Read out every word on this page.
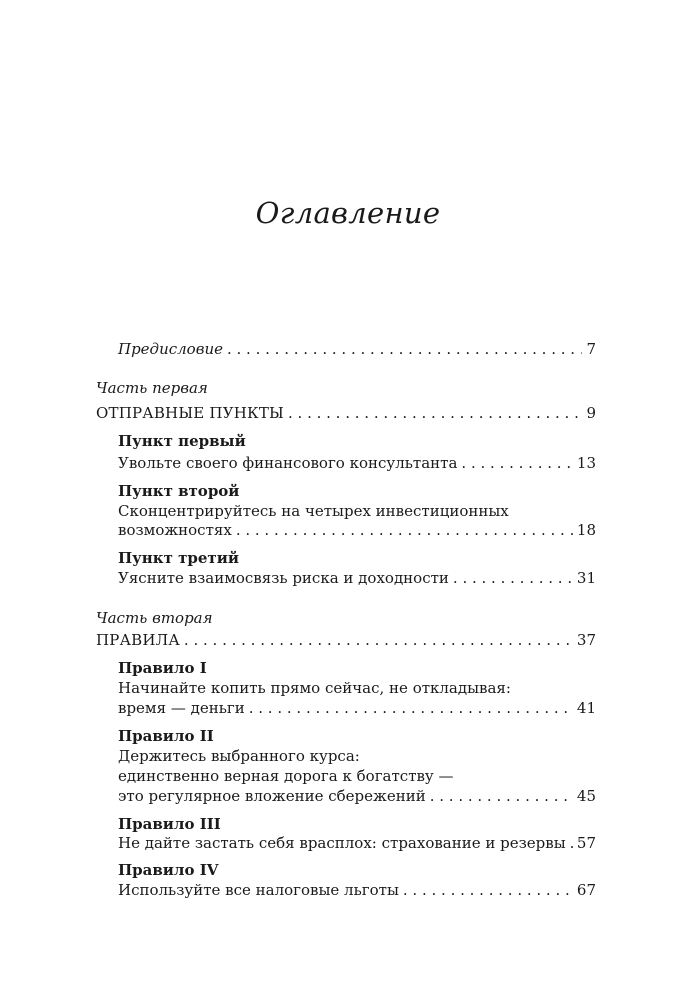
Оглавление
Предисловие . . .	7
Часть первая
ОТПРАВНЫЕ ПУНКТЫ . . .	9
Пункт первый
Увольте своего финансового консультанта . . .	13
Пункт второй
Сконцентрируйтесь на четырех инвестиционных
возможностях . . .	18
Пункт третий
Уясните взаимосвязь риска и доходности . . .	31
Часть вторая
ПРАВИЛА . . .	37
Правило I
Начинайте копить прямо сейчас, не откладывая:
время — деньги . . .	41
Правило II
Держитесь выбранного курса:
единственно верная дорога к богатству —
это регулярное вложение сбережений . . .	45
Правило III
Не дайте застать себя врасплох: страхование и резервы . . . 57
Правило IV
Используйте все налоговые льготы . . .	67
